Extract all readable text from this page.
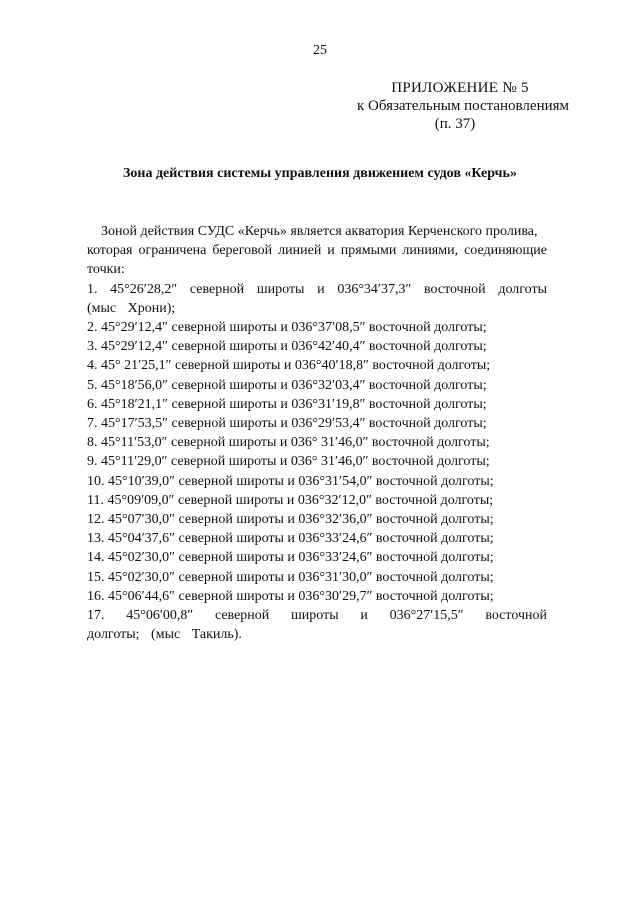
25
ПРИЛОЖЕНИЕ № 5
к Обязательным постановлениям
(п. 37)
Зона действия системы управления движением судов «Керчь»

Зоной действия СУДС «Керчь» является акватория Керченского пролива,
которая ограничена береговой линией и прямыми линиями, соединяющие точки:

1. 45°26′28,2″ северной широты и 036°34′37,3″ восточной долготы (мыс Хрони);

2. 45°29′12,4″ северной широты и 036°37′08,5″ восточной долготы;

3. 45°29′12,4″ северной широты и 036°42′40,4″ восточной долготы;

4. 45° 21′25,1″ северной широты и 036°40′18,8″ восточной долготы;

5. 45°18′56,0″ северной широты и 036°32′03,4″ восточной долготы;

6. 45°18′21,1″ северной широты и 036°31′19,8″ восточной долготы;

7. 45°17′53,5″ северной широты и 036°29′53,4″ восточной долготы;

8. 45°11′53,0″ северной широты и 036° 31′46,0″ восточной долготы;

9. 45°11′29,0″ северной широты и 036° 31′46,0″ восточной долготы;

10. 45°10′39,0″ северной широты и 036°31′54,0″ восточной долготы;

11. 45°09′09,0″ северной широты и 036°32′12,0″ восточной долготы;

12. 45°07′30,0″ северной широты и 036°32′36,0″ восточной долготы;

13. 45°04′37,6″ северной широты и 036°33′24,6″ восточной долготы;

14. 45°02′30,0″ северной широты и 036°33′24,6″ восточной долготы;

15. 45°02′30,0″ северной широты и 036°31′30,0″ восточной долготы;

16. 45°06′44,6″ северной широты и 036°30′29,7″ восточной долготы;

17. 45°06′00,8″ северной широты и 036°27′15,5″ восточной долготы; (мыс Такиль).
